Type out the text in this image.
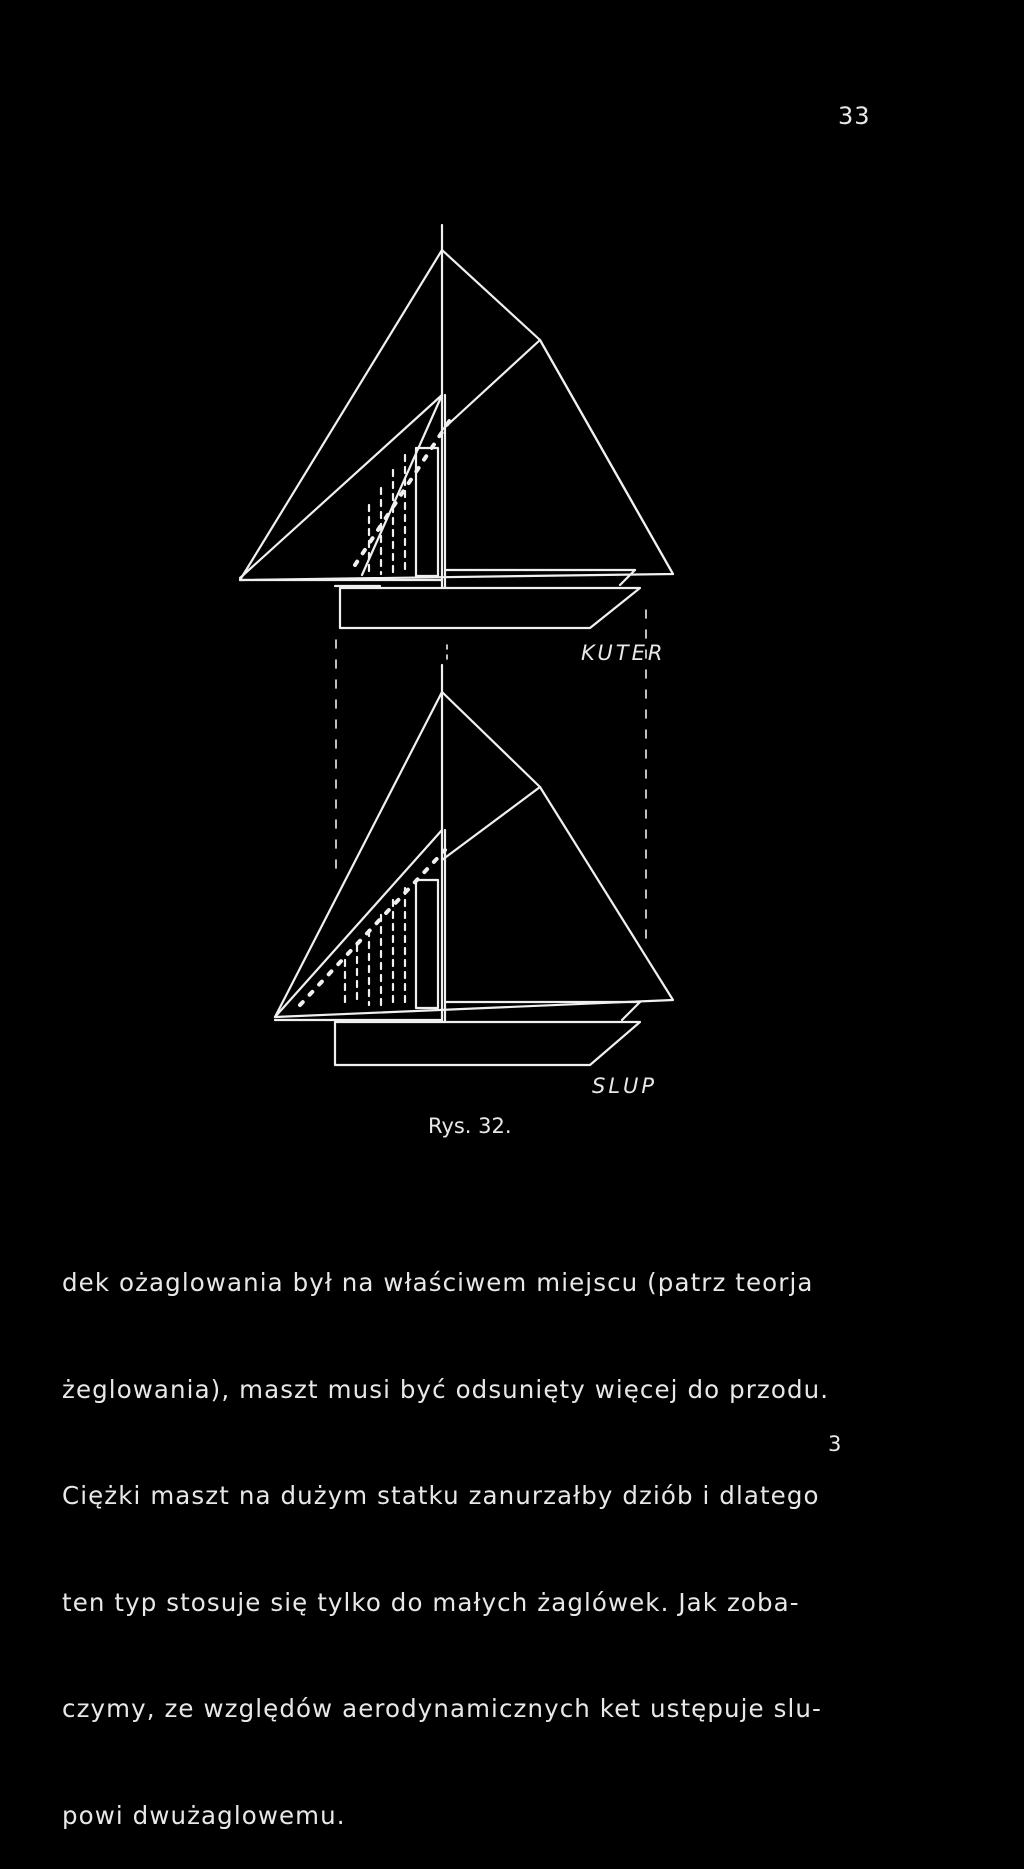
33
KUTER
SLUP
Rys. 32.

dek ożaglowania był na właściwem miejscu (patrz teorja

żeglowania), maszt musi być odsunięty więcej do przodu.

Ciężki maszt na dużym statku zanurzałby dziób i dlatego

ten typ stosuje się tylko do małych żaglówek. Jak zoba-

czymy, ze względów aerodynamicznych ket ustępuje slu-

powi dwużaglowemu.

3
